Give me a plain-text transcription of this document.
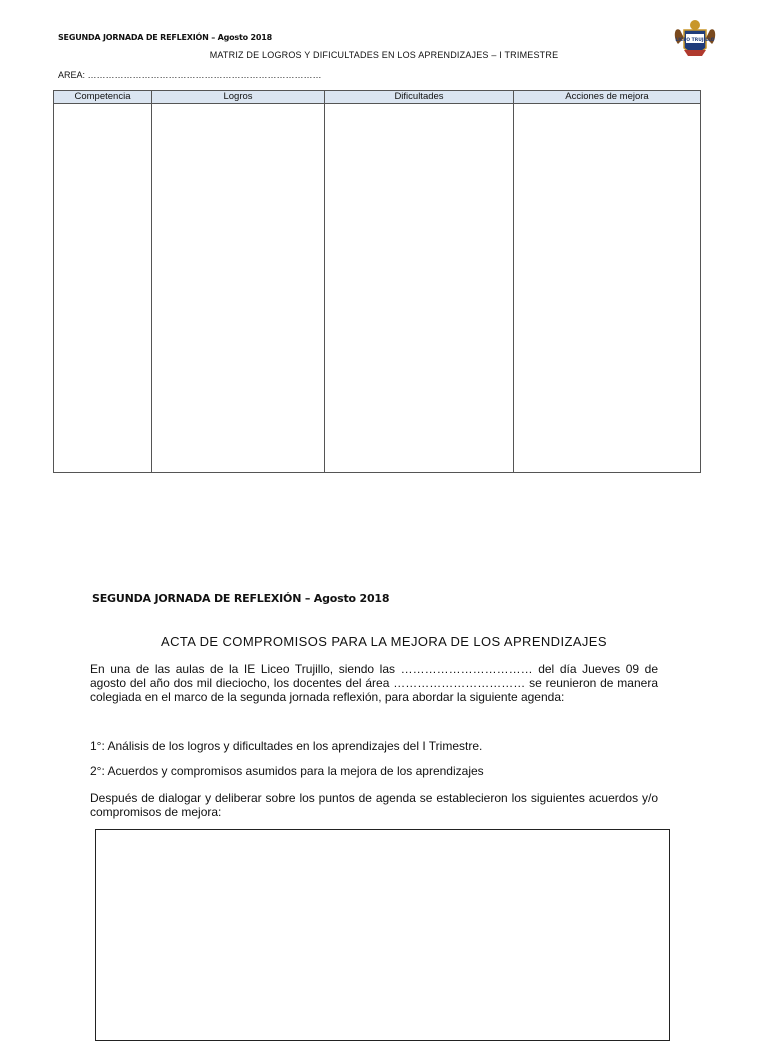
SEGUNDA JORNADA DE REFLEXIÓN – Agosto 2018
MATRIZ DE LOGROS Y DIFICULTADES EN LOS APRENDIZAJES – I TRIMESTRE
AREA: ……………………………………………………………………
LICEO TRUJILLO
Competencia	Logros	Dificultades	Acciones de mejora

SEGUNDA JORNADA DE REFLEXIÓN – Agosto 2018
ACTA DE COMPROMISOS PARA LA MEJORA DE LOS APRENDIZAJES
En una de las aulas de la IE Liceo Trujillo, siendo las …………………………… del día Jueves 09 de agosto del año dos mil dieciocho, los docentes del área …………………………… se reunieron de manera colegiada en el marco de la segunda jornada reflexión, para abordar la siguiente agenda:
1°: Análisis de los logros y dificultades en los aprendizajes del I Trimestre.
2°: Acuerdos y compromisos asumidos para la mejora de los aprendizajes
Después de dialogar y deliberar sobre los puntos de agenda se establecieron los siguientes acuerdos y/o compromisos de mejora:
